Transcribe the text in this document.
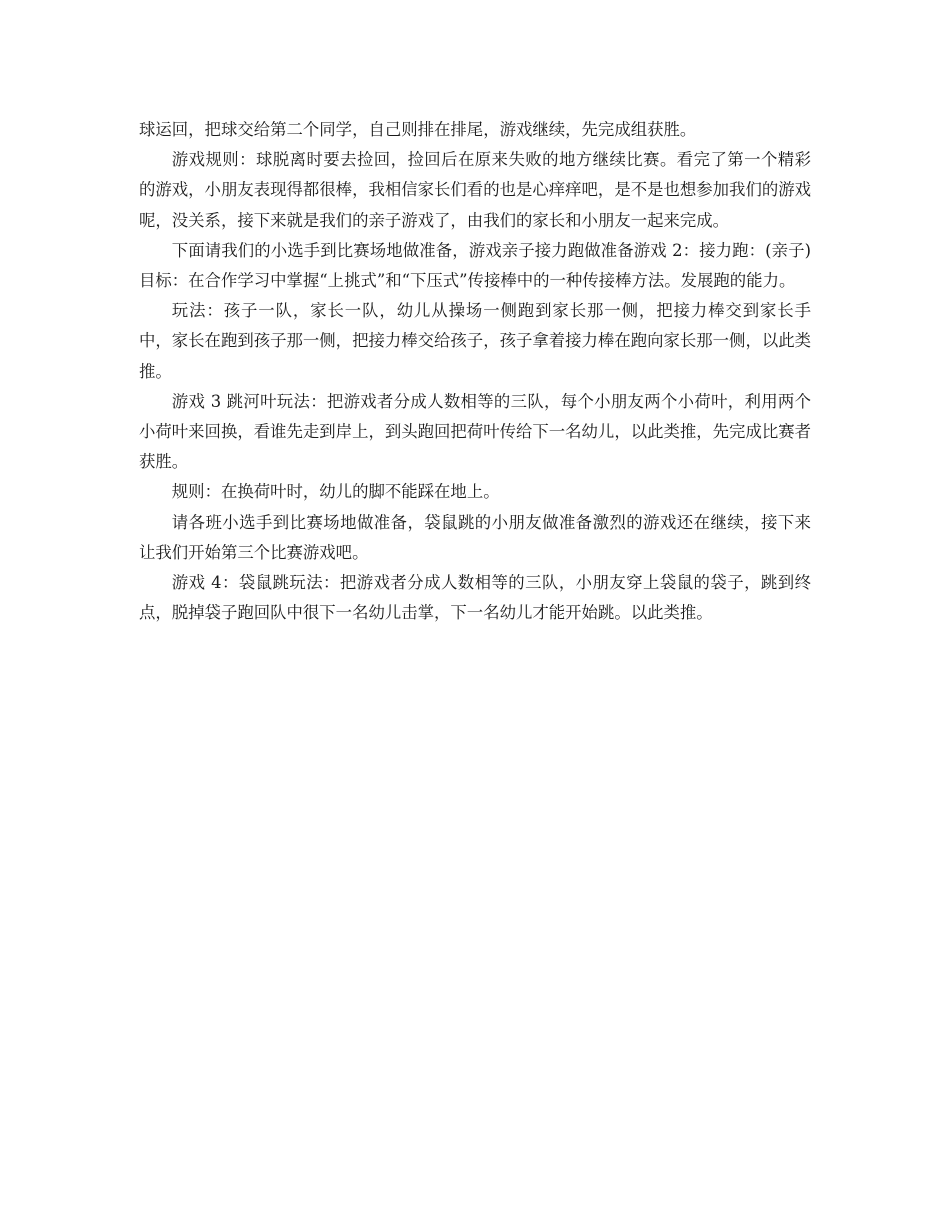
球运回，把球交给第二个同学，自己则排在排尾，游戏继续，先完成组获胜。

游戏规则：球脱离时要去捡回，捡回后在原来失败的地方继续比赛。看完了第一个精彩的游戏，小朋友表现得都很棒，我相信家长们看的也是心痒痒吧，是不是也想参加我们的游戏呢，没关系，接下来就是我们的亲子游戏了，由我们的家长和小朋友一起来完成。

下面请我们的小选手到比赛场地做准备，游戏亲子接力跑做准备游戏 2：接力跑：(亲子)目标：在合作学习中掌握“上挑式”和“下压式”传接棒中的一种传接棒方法。发展跑的能力。

玩法：孩子一队，家长一队，幼儿从操场一侧跑到家长那一侧，把接力棒交到家长手中，家长在跑到孩子那一侧，把接力棒交给孩子，孩子拿着接力棒在跑向家长那一侧，以此类推。

游戏 3 跳河叶玩法：把游戏者分成人数相等的三队，每个小朋友两个小荷叶，利用两个小荷叶来回换，看谁先走到岸上，到头跑回把荷叶传给下一名幼儿，以此类推，先完成比赛者获胜。

规则：在换荷叶时，幼儿的脚不能踩在地上。

请各班小选手到比赛场地做准备，袋鼠跳的小朋友做准备激烈的游戏还在继续，接下来让我们开始第三个比赛游戏吧。

游戏 4：袋鼠跳玩法：把游戏者分成人数相等的三队，小朋友穿上袋鼠的袋子，跳到终点，脱掉袋子跑回队中很下一名幼儿击掌，下一名幼儿才能开始跳。以此类推。
